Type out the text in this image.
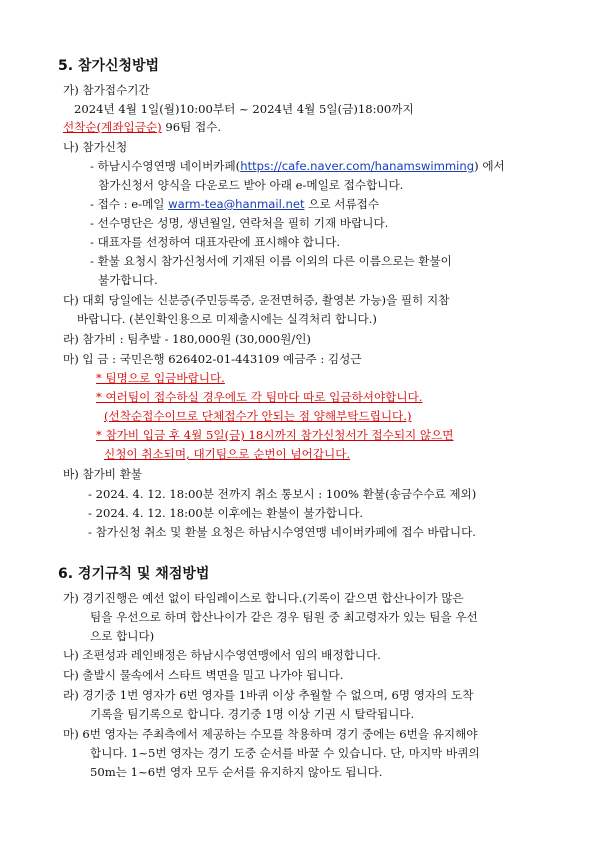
5. 참가신청방법
가) 참가접수기간
2024년 4월 1일(월)10:00부터 ~ 2024년 4월 5일(금)18:00까지
선착순(계좌입금순) 96팀 접수.
나) 참가신청
- 하남시수영연맹 네이버카페(https://cafe.naver.com/hanamswimming) 에서
참가신청서 양식을 다운로드 받아 아래 e-메일로 접수합니다.
- 접수 : e-메일 warm-tea@hanmail.net 으로 서류접수
- 선수명단은 성명, 생년월일, 연락처을 필히 기재 바랍니다.
- 대표자를 선정하여 대표자란에 표시해야 합니다.
- 환불 요청시 참가신청서에 기재된 이름 이외의 다른 이름으로는 환불이
불가합니다.
다) 대회 당일에는 신분증(주민등록증, 운전면허증, 촬영본 가능)을 필히 지참
바랍니다. (본인확인용으로 미제출시에는 실격처리 합니다.)
라) 참가비 : 팀추발 - 180,000원 (30,000원/인)
마) 입 금 : 국민은행 626402-01-443109 예금주 : 김성근
* 팀명으로 입금바랍니다.
* 여러팀이 접수하실 경우에도 각 팀마다 따로 입금하셔야합니다.
(선착순접수이므로 단체접수가 안되는 점 양해부탁드립니다.)
* 참가비 입금 후 4월 5일(금) 18시까지 참가신청서가 접수되지 않으면
신청이 취소되며, 대기팀으로 순번이 넘어갑니다.
바) 참가비 환불
- 2024. 4. 12. 18:00분 전까지 취소 통보시 : 100% 환불(송금수수료 제외)
- 2024. 4. 12. 18:00분 이후에는 환불이 불가합니다.
- 참가신청 취소 및 환불 요청은 하남시수영연맹 네이버카페에 접수 바랍니다.
6. 경기규칙 및 채점방법
가) 경기진행은 예선 없이 타임레이스로 합니다.(기록이 같으면 합산나이가 많은
팀을 우선으로 하며 합산나이가 같은 경우 팀원 중 최고령자가 있는 팀을 우선
으로 합니다)
나) 조편성과 레인배정은 하남시수영연맹에서 임의 배정합니다.
다) 출발시 물속에서 스타트 벽면을 밀고 나가야 됩니다.
라) 경기중 1번 영자가 6번 영자를 1바퀴 이상 추월할 수 없으며, 6명 영자의 도착
기록을 팀기록으로 합니다. 경기중 1명 이상 기권 시 탈락됩니다.
마) 6번 영자는 주최측에서 제공하는 수모를 착용하며 경기 중에는 6번을 유지해야
합니다. 1~5번 영자는 경기 도중 순서를 바꿀 수 있습니다. 단, 마지막 바퀴의
50m는 1~6번 영자 모두 순서를 유지하지 않아도 됩니다.
